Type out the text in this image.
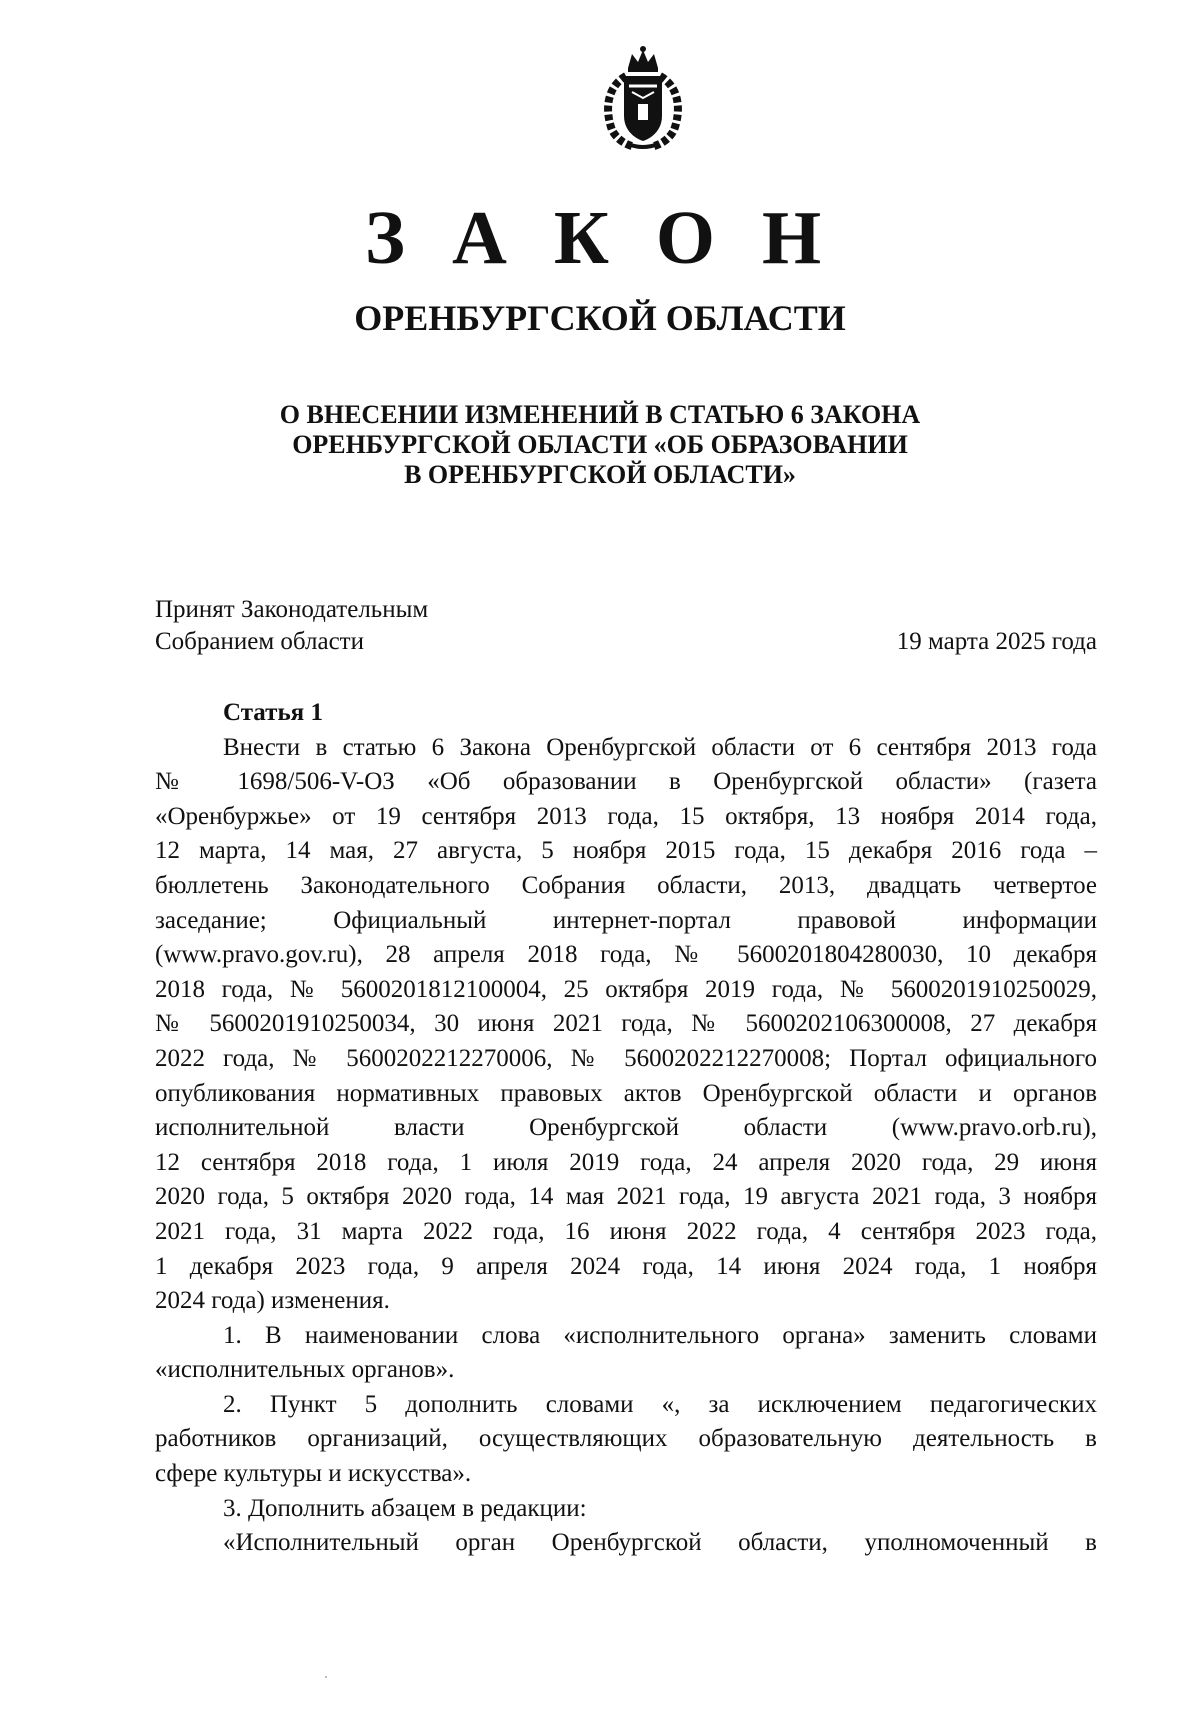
З А К О Н
ОРЕНБУРГСКОЙ ОБЛАСТИ
О ВНЕСЕНИИ ИЗМЕНЕНИЙ В СТАТЬЮ 6 ЗАКОНА
ОРЕНБУРГСКОЙ ОБЛАСТИ «ОБ ОБРАЗОВАНИИ
В ОРЕНБУРГСКОЙ ОБЛАСТИ»
Принят Законодательным
Собранием области	19 марта 2025 года
Статья 1
Внести в статью 6 Закона Оренбургской области от 6 сентября 2013 года
№ 1698/506-V-ОЗ «Об образовании в Оренбургской области» (газета
«Оренбуржье» от 19 сентября 2013 года, 15 октября, 13 ноября 2014 года,
12 марта, 14 мая, 27 августа, 5 ноября 2015 года, 15 декабря 2016 года –
бюллетень Законодательного Собрания области, 2013, двадцать четвертое
заседание; Официальный интернет-портал правовой информации
(www.pravo.gov.ru), 28 апреля 2018 года, № 5600201804280030, 10 декабря
2018 года, № 5600201812100004, 25 октября 2019 года, № 5600201910250029,
№ 5600201910250034, 30 июня 2021 года, № 5600202106300008, 27 декабря
2022 года, № 5600202212270006, № 5600202212270008; Портал официального
опубликования нормативных правовых актов Оренбургской области и органов
исполнительной власти Оренбургской области (www.pravo.orb.ru),
12 сентября 2018 года, 1 июля 2019 года, 24 апреля 2020 года, 29 июня
2020 года, 5 октября 2020 года, 14 мая 2021 года, 19 августа 2021 года, 3 ноября
2021 года, 31 марта 2022 года, 16 июня 2022 года, 4 сентября 2023 года,
1 декабря 2023 года, 9 апреля 2024 года, 14 июня 2024 года, 1 ноября
2024 года) изменения.
1. В наименовании слова «исполнительного органа» заменить словами
«исполнительных органов».
2. Пункт 5 дополнить словами «, за исключением педагогических
работников организаций, осуществляющих образовательную деятельность в
сфере культуры и искусства».
3. Дополнить абзацем в редакции:
«Исполнительный орган Оренбургской области, уполномоченный в
